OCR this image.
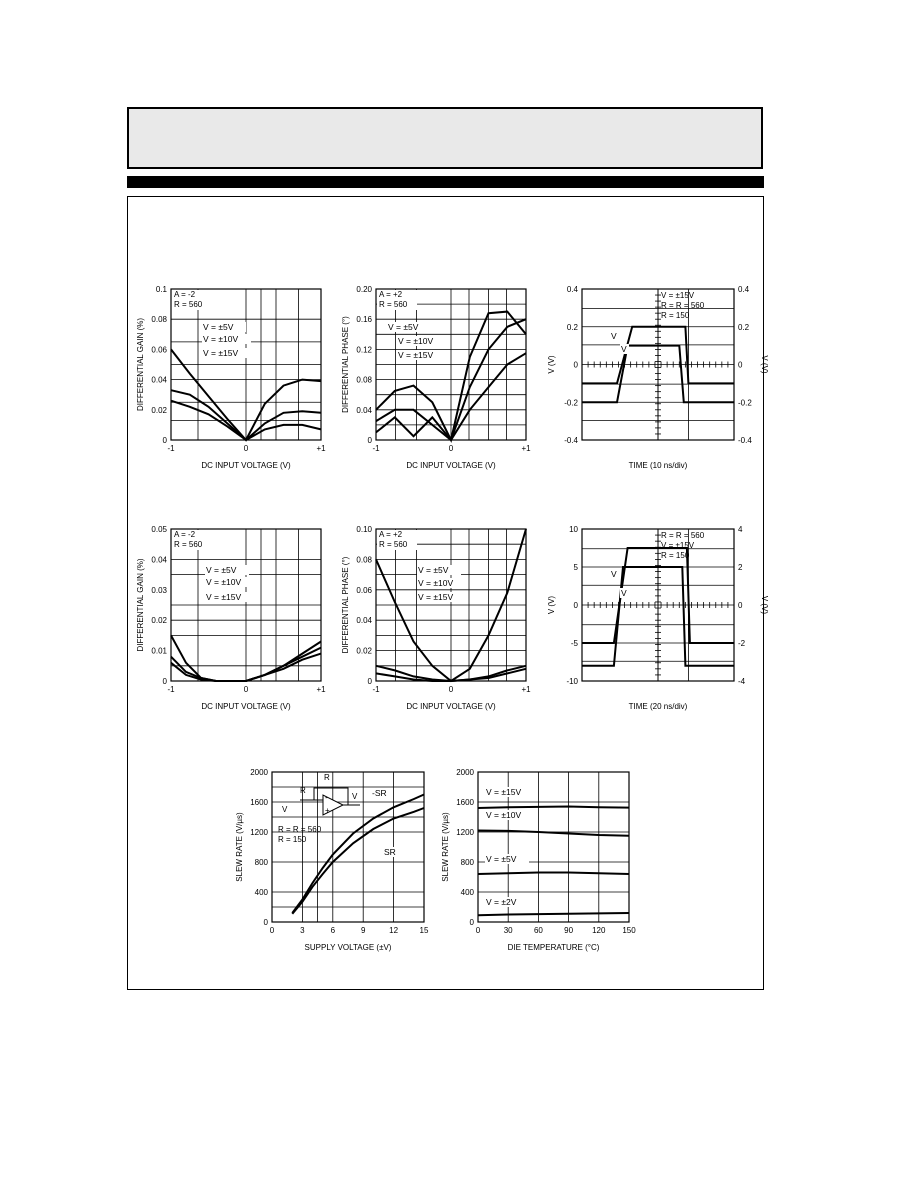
-1	0	+1
0
0.02
0.04
0.06
0.08
0.1
DC INPUT VOLTAGE (V)
DIFFERENTIAL GAIN (%)
A = -2
R = 560
-1	0	+1
0
0.04
0.08
0.12
0.16
0.20
DC INPUT VOLTAGE (V)
DIFFERENTIAL PHASE (°)
A = +2
R = 560
-0.4
-0.2
0
0.2
0.4
-0.4
-0.2
0
0.2
0.4
TIME (10 ns/div)
V (V)	V (V)
V = ±15V
R = R = 560
R = 150
-1	0	+1
0
0.01
0.02
0.03
0.04
0.05
DC INPUT VOLTAGE (V)
DIFFERENTIAL GAIN (%)
A = -2
R = 560
-1	0	+1
0
0.02
0.04
0.06
0.08
0.10
DC INPUT VOLTAGE (V)
DIFFERENTIAL PHASE (°)
A = +2
R = 560
-10
-5
0
5
10
-4
-2
0
2
4
TIME (20 ns/div)
V (V)	V (V)
R = R = 560
V = ±15V
R = 150
0	3	6	9	12	15
0
400
800
1200
1600
2000
SUPPLY VOLTAGE (±V)
SLEW RATE (V/µs)	R = R = 560
R = 150
0	30	60	90 120 150
0
400
800
1200
1600
2000
DIE TEMPERATURE (°C)
SLEW RATE (V/µs)
V = ±5V
V = ±10V
V = ±15V
V = ±5V
V = ±10V
V = ±15V
V
V
V = ±5V
V = ±10V
V = ±15V
V = ±5V
V = ±10V
V = ±15V
V
V
-SR
SR
V = ±15V
V = ±10V
V = ±5V
V = ±2V
R
R
V
V	+
-
